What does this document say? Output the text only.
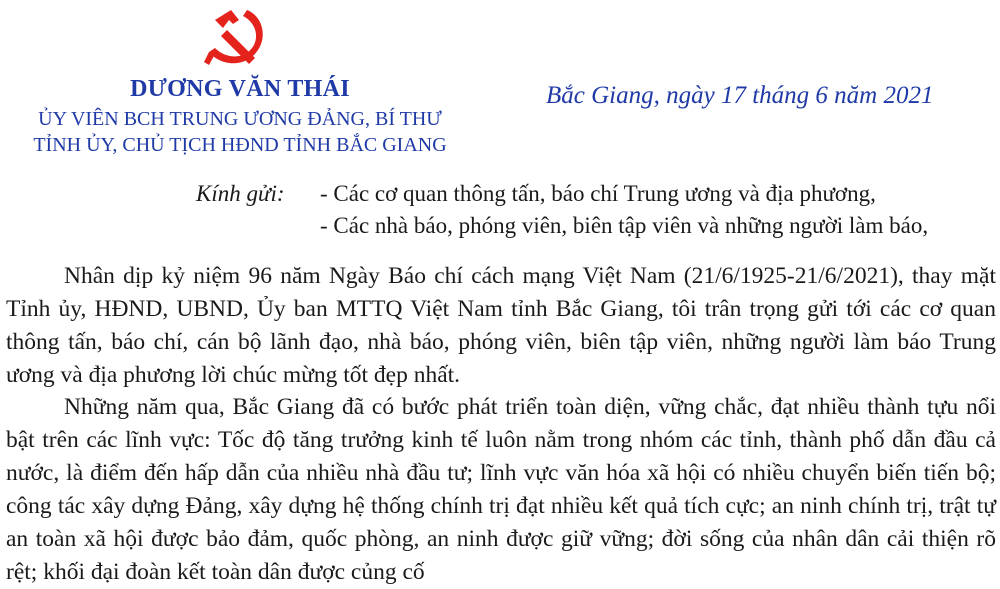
DƯƠNG VĂN THÁI
ỦY VIÊN BCH TRUNG ƯƠNG ĐẢNG, BÍ THƯ
TỈNH ỦY, CHỦ TỊCH HĐND TỈNH BẮC GIANG
Bắc Giang, ngày 17 tháng 6 năm 2021
Kính gửi: - Các cơ quan thông tấn, báo chí Trung ương và địa phương,
- Các nhà báo, phóng viên, biên tập viên và những người làm báo,
Nhân dịp kỷ niệm 96 năm Ngày Báo chí cách mạng Việt Nam (21/6/1925-21/6/2021), thay mặt Tỉnh ủy, HĐND, UBND, Ủy ban MTTQ Việt Nam tỉnh Bắc Giang, tôi trân trọng gửi tới các cơ quan thông tấn, báo chí, cán bộ lãnh đạo, nhà báo, phóng viên, biên tập viên, những người làm báo Trung ương và địa phương lời chúc mừng tốt đẹp nhất.
Những năm qua, Bắc Giang đã có bước phát triển toàn diện, vững chắc, đạt nhiều thành tựu nổi bật trên các lĩnh vực: Tốc độ tăng trưởng kinh tế luôn nằm trong nhóm các tỉnh, thành phố dẫn đầu cả nước, là điểm đến hấp dẫn của nhiều nhà đầu tư; lĩnh vực văn hóa xã hội có nhiều chuyển biến tiến bộ; công tác xây dựng Đảng, xây dựng hệ thống chính trị đạt nhiều kết quả tích cực; an ninh chính trị, trật tự an toàn xã hội được bảo đảm, quốc phòng, an ninh được giữ vững; đời sống của nhân dân cải thiện rõ rệt; khối đại đoàn kết toàn dân được củng cố
